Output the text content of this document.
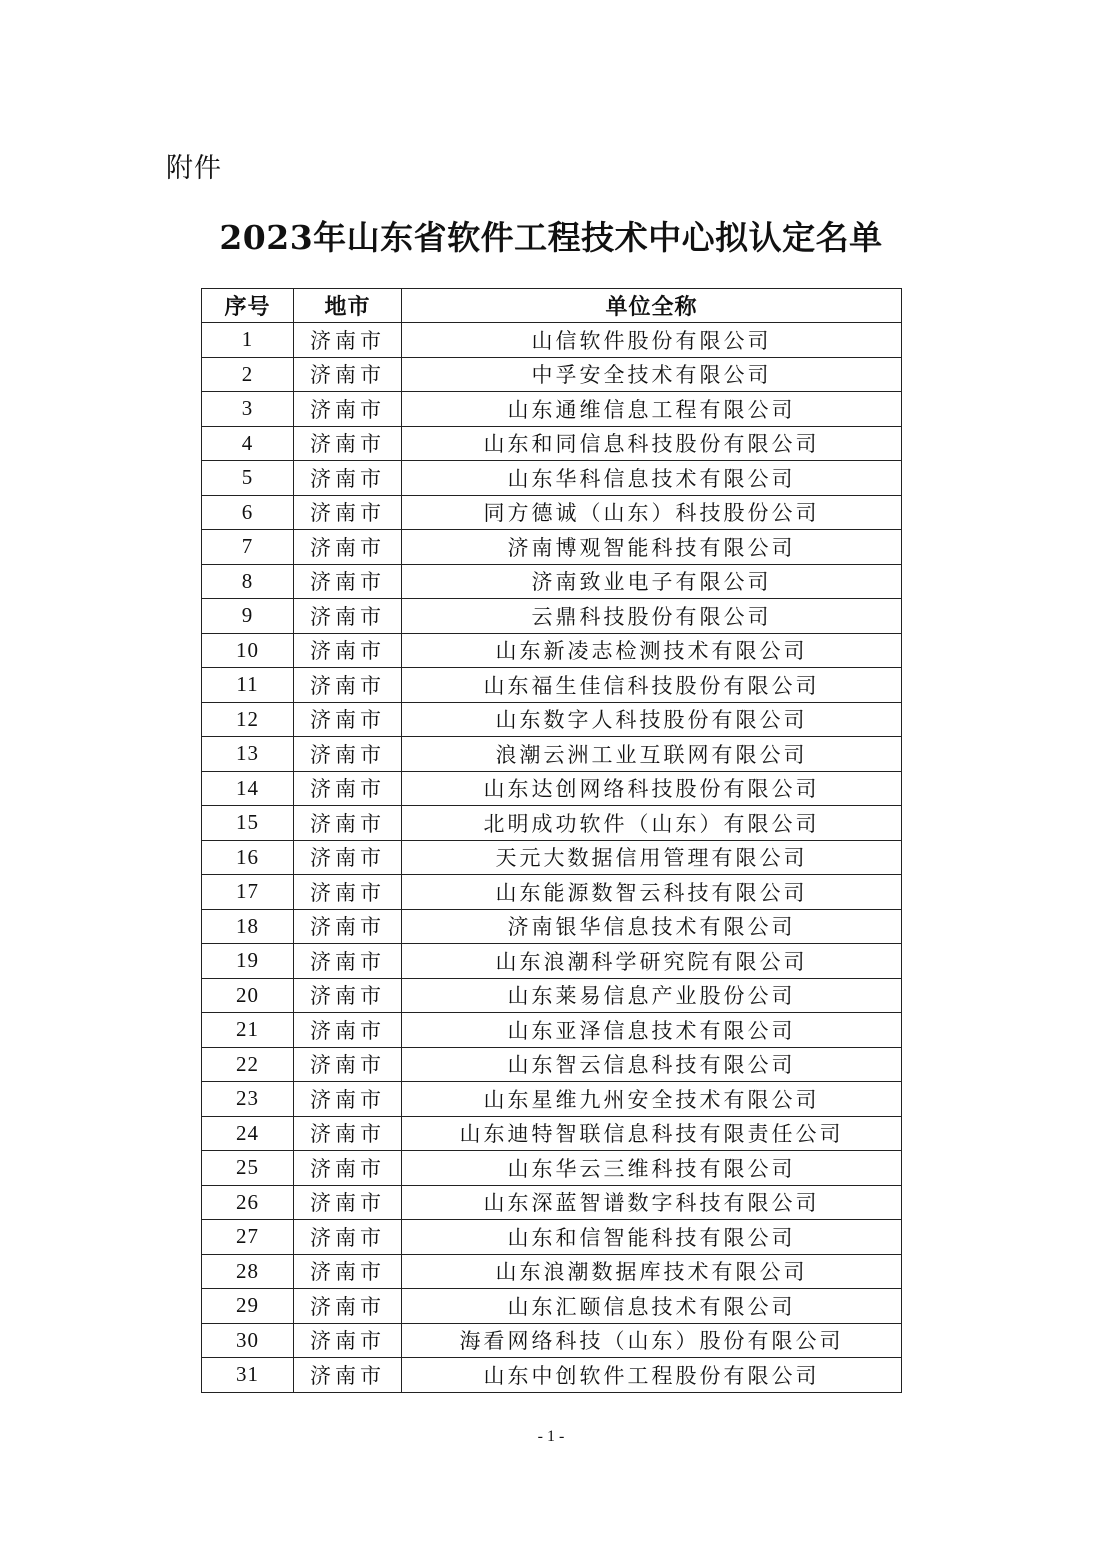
附件
2023年山东省软件工程技术中心拟认定名单
序号	地市	单位全称
1	济南市	山信软件股份有限公司
2	济南市	中孚安全技术有限公司
3	济南市	山东通维信息工程有限公司
4	济南市	山东和同信息科技股份有限公司
5	济南市	山东华科信息技术有限公司
6	济南市	同方德诚（山东）科技股份公司
7	济南市	济南博观智能科技有限公司
8	济南市	济南致业电子有限公司
9	济南市	云鼎科技股份有限公司
10	济南市	山东新凌志检测技术有限公司
11	济南市	山东福生佳信科技股份有限公司
12	济南市	山东数字人科技股份有限公司
13	济南市	浪潮云洲工业互联网有限公司
14	济南市	山东达创网络科技股份有限公司
15	济南市	北明成功软件（山东）有限公司
16	济南市	天元大数据信用管理有限公司
17	济南市	山东能源数智云科技有限公司
18	济南市	济南银华信息技术有限公司
19	济南市	山东浪潮科学研究院有限公司
20	济南市	山东莱易信息产业股份公司
21	济南市	山东亚泽信息技术有限公司
22	济南市	山东智云信息科技有限公司
23	济南市	山东星维九州安全技术有限公司
24	济南市	山东迪特智联信息科技有限责任公司
25	济南市	山东华云三维科技有限公司
26	济南市	山东深蓝智谱数字科技有限公司
27	济南市	山东和信智能科技有限公司
28	济南市	山东浪潮数据库技术有限公司
29	济南市	山东汇颐信息技术有限公司
30	济南市	海看网络科技（山东）股份有限公司
31	济南市	山东中创软件工程股份有限公司
- 1 -
